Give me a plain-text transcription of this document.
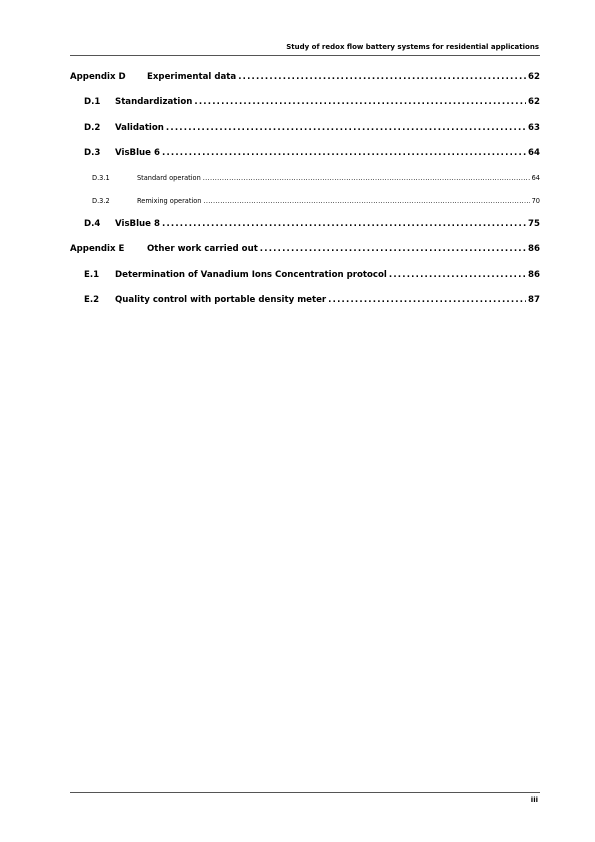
Study of redox flow battery systems for residential applications
Appendix D	Experimental data . . .	62
D.1	Standardization . . .	62
D.2	Validation . . .	63
D.3	VisBlue 6 . . .	64
D.3.1	Standard operation . . .	64
D.3.2	Remixing operation . . .	70
D.4	VisBlue 8 . . .	75
Appendix E	Other work carried out . . .	86
E.1	Determination of Vanadium Ions Concentration protocol . . .	86
E.2	Quality control with portable density meter . . .	87
iii
